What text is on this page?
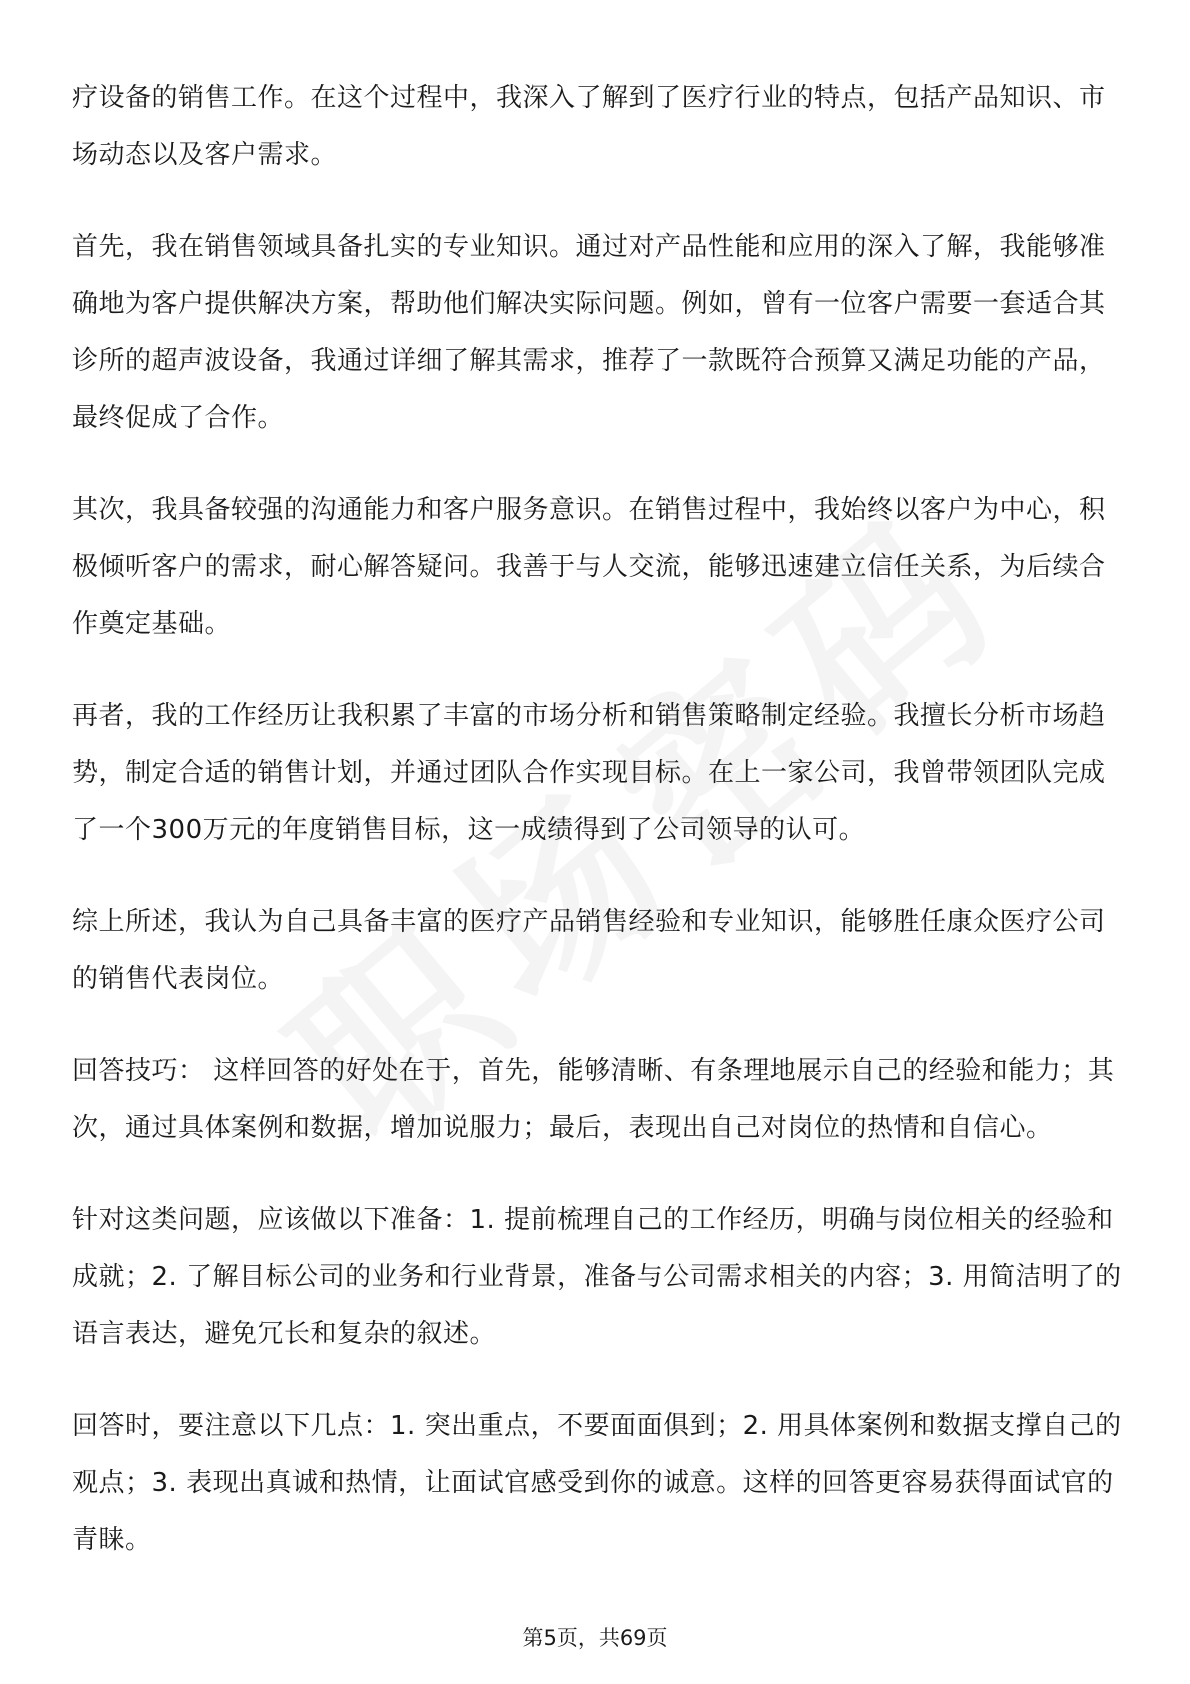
疗设备的销售工作。在这个过程中，我深入了解到了医疗行业的特点，包括产品知识、市场动态以及客户需求。

首先，我在销售领域具备扎实的专业知识。通过对产品性能和应用的深入了解，我能够准确地为客户提供解决方案，帮助他们解决实际问题。例如，曾有一位客户需要一套适合其诊所的超声波设备，我通过详细了解其需求，推荐了一款既符合预算又满足功能的产品，最终促成了合作。

其次，我具备较强的沟通能力和客户服务意识。在销售过程中，我始终以客户为中心，积极倾听客户的需求，耐心解答疑问。我善于与人交流，能够迅速建立信任关系，为后续合作奠定基础。

再者，我的工作经历让我积累了丰富的市场分析和销售策略制定经验。我擅长分析市场趋势，制定合适的销售计划，并通过团队合作实现目标。在上一家公司，我曾带领团队完成了一个300万元的年度销售目标，这一成绩得到了公司领导的认可。

综上所述，我认为自己具备丰富的医疗产品销售经验和专业知识，能够胜任康众医疗公司的销售代表岗位。

回答技巧： 这样回答的好处在于，首先，能够清晰、有条理地展示自己的经验和能力；其次，通过具体案例和数据，增加说服力；最后，表现出自己对岗位的热情和自信心。

针对这类问题，应该做以下准备：1. 提前梳理自己的工作经历，明确与岗位相关的经验和成就；2. 了解目标公司的业务和行业背景，准备与公司需求相关的内容；3. 用简洁明了的语言表达，避免冗长和复杂的叙述。

回答时，要注意以下几点：1. 突出重点，不要面面俱到；2. 用具体案例和数据支撑自己的观点；3. 表现出真诚和热情，让面试官感受到你的诚意。这样的回答更容易获得面试官的青睐。

第5页，共69页
